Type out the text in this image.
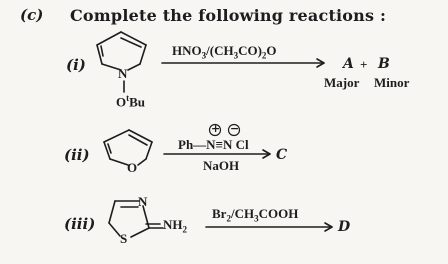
(c) Complete the following reactions :
(i) N
$O^tBu$
$HNO_3/(CH_3CO)_2O$
A + B
Major Minor
(ii)
O
+ −
Ph—N≡N Cl
NaOH
C
(iii)
N
S
$NH_2$
$Br_2/CH_3COOH$
D
